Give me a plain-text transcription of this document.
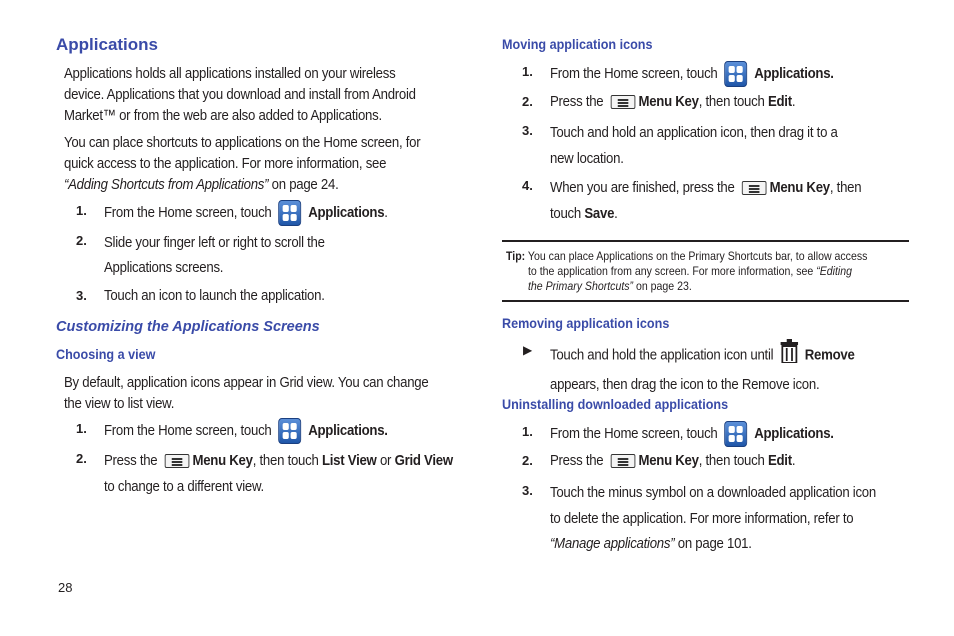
Applications
Applications holds all applications installed on your wireless
device. Applications that you download and install from Android
Market™ or from the web are also added to Applications.
You can place shortcuts to applications on the Home screen, for
quick access to the application. For more information, see
“Adding Shortcuts from Applications” on page 24.
1. From the Home screen, touch Applications.
2. Slide your finger left or right to scroll the
Applications screens.
3. Touch an icon to launch the application.
Customizing the Applications Screens
Choosing a view
By default, application icons appear in Grid view. You can change
the view to list view.
1. From the Home screen, touch Applications.
2. Press the Menu Key, then touch List View or Grid View
to change to a different view.
Moving application icons
1. From the Home screen, touch Applications.
2. Press the Menu Key, then touch Edit.
3. Touch and hold an application icon, then drag it to a
new location.
4. When you are finished, press the Menu Key, then
touch Save.
Tip: You can place Applications on the Primary Shortcuts bar, to allow access
to the application from any screen. For more information, see “Editing
the Primary Shortcuts” on page 23.
Removing application icons
▶ Touch and hold the application icon until Remove
appears, then drag the icon to the Remove icon.
Uninstalling downloaded applications
1. From the Home screen, touch Applications.
2. Press the Menu Key, then touch Edit.
3. Touch the minus symbol on a downloaded application icon
to delete the application. For more information, refer to
“Manage applications” on page 101.
28
